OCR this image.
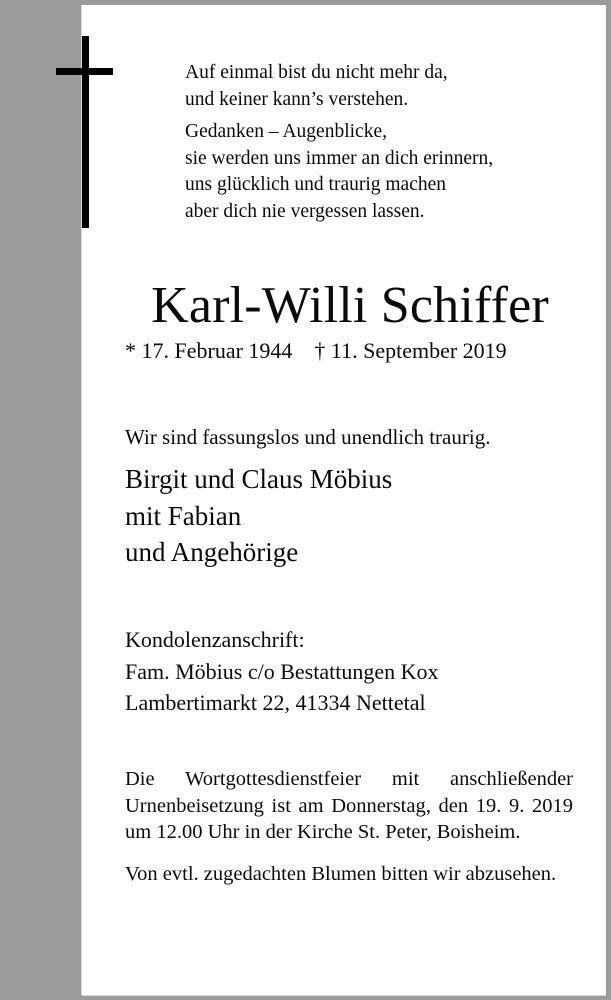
Auf einmal bist du nicht mehr da,
und keiner kann’s verstehen.

Gedanken – Augenblicke,
sie werden uns immer an dich erinnern,
uns glücklich und traurig machen
aber dich nie vergessen lassen.

Karl-Willi Schiffer
* 17. Februar 1944 † 11. September 2019
Wir sind fassungslos und unendlich traurig.
Birgit und Claus Möbius
mit Fabian
und Angehörige
Kondolenzanschrift:
Fam. Möbius c/o Bestattungen Kox
Lambertimarkt 22, 41334 Nettetal

Die Wortgottesdienstfeier mit anschließender Urnenbeisetzung ist am Donnerstag, den 19. 9. 2019 um 12.00 Uhr in der Kirche St. Peter, Boisheim.

Von evtl. zugedachten Blumen bitten wir abzusehen.
